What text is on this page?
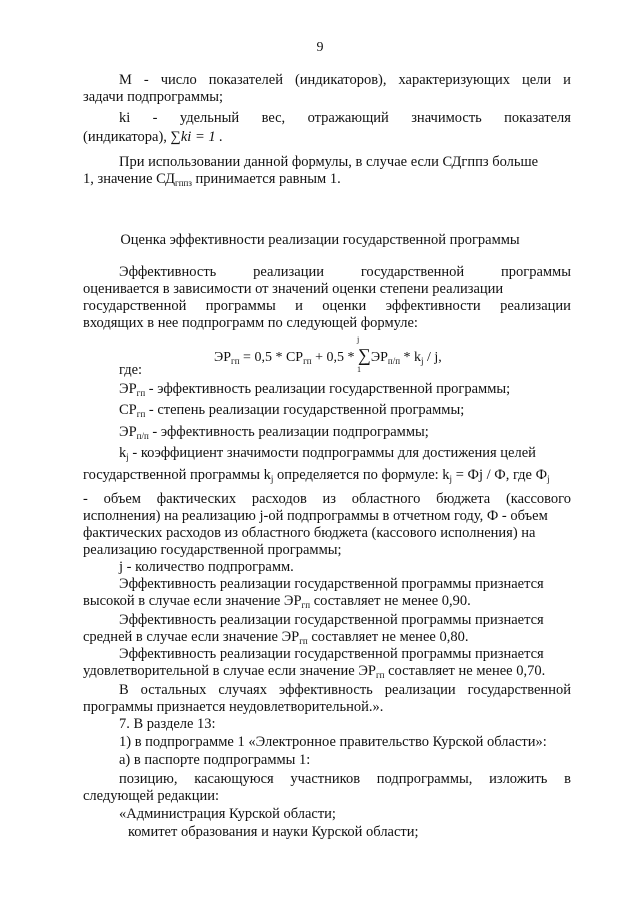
9
М - число показателей (индикаторов), характеризующих цели и
задачи подпрограммы;
ki - удельный вес, отражающий значимость показателя
(индикатора), ∑ki = 1 .
При использовании данной формулы, в случае если СДгппз больше
1, значение $СД_{гппз}$ принимается равным 1.
Оценка эффективности реализации государственной программы
Эффективность	реализации	государственной	программы
оценивается в зависимости от значений оценки степени реализации
государственной программы и оценки эффективности реализации
входящих в нее подпрограмм по следующей формуле:
$ЭР_{гп} = 0,5 * СР_{гп} + 0,5 * \sum ЭР_{п/п} * k_j / j$,
j
1
где:
$ЭР_{гп}$ - эффективность реализации государственной программы;
$СР_{гп}$ - степень реализации государственной программы;
$ЭР_{п/п}$ - эффективность реализации подпрограммы;
$k_j$ - коэффициент значимости подпрограммы для достижения целей
государственной программы $k_j$ определяется по формуле: $k_j$ = Фj / Ф, где $Ф_j$
- объем фактических расходов из областного бюджета (кассового
исполнения) на реализацию j-ой подпрограммы в отчетном году, Ф - объем
фактических расходов из областного бюджета (кассового исполнения) на
реализацию государственной программы;
j - количество подпрограмм.
Эффективность реализации государственной программы признается
высокой в случае если значение $ЭР_{гп}$ составляет не менее 0,90.
Эффективность реализации государственной программы признается
средней в случае если значение $ЭР_{гп}$ составляет не менее 0,80.
Эффективность реализации государственной программы признается
удовлетворительной в случае если значение $ЭР_{гп}$ составляет не менее 0,70.
В остальных случаях эффективность реализации государственной
программы признается неудовлетворительной.».
7. В разделе 13:
1) в подпрограмме 1 «Электронное правительство Курской области»:
а) в паспорте подпрограммы 1:
позицию, касающуюся участников подпрограммы, изложить в
следующей редакции:
«Администрация Курской области;
комитет образования и науки Курской области;
